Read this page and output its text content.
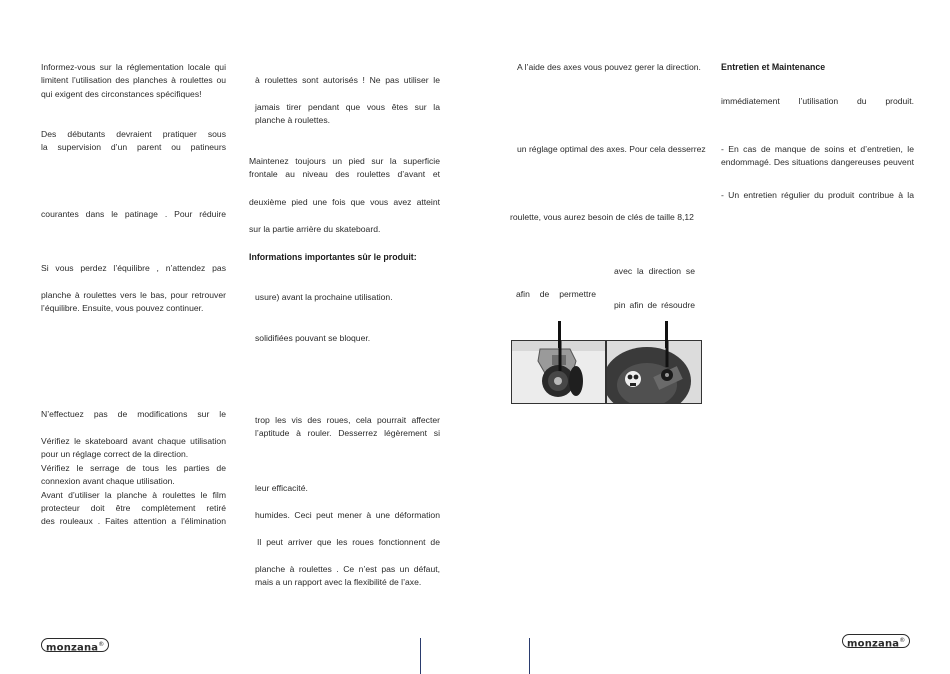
Informez-vous sur la réglementation locale qui
limitent l’utilisation des planches à roulettes ou
qui exigent des circonstances spécifiques!
Des débutants devraient pratiquer sous
la supervision d’un parent ou patineurs
courantes dans le patinage . Pour réduire
Si vous perdez l’équilibre , n’attendez pas
planche à roulettes vers le bas, pour retrouver
l’équilibre. Ensuite, vous pouvez continuer.
N’effectuez pas de modifications sur le
Vérifiez le skateboard avant chaque utilisation
pour un réglage correct de la direction.
Vérifiez le serrage de tous les parties de
connexion avant chaque utilisation.
Avant d’utiliser la planche à roulettes le film
protecteur doit être complètement retiré
des rouleaux . Faites attention a l’élimination
à roulettes sont autorisés ! Ne pas utiliser le
jamais tirer pendant que vous êtes sur la
planche à roulettes.
Maintenez toujours un pied sur la superficie
frontale au niveau des roulettes d’avant et
deuxième pied une fois que vous avez atteint
sur la partie arrière du skateboard.
Informations importantes sûr le produit:
usure) avant la prochaine utilisation.
solidifiées pouvant se bloquer.
trop les vis des roues, cela pourrait affecter
l’aptitude à rouler. Desserrez légèrement si
leur efficacité.
humides. Ceci peut mener à une déformation
Il peut arriver que les roues fonctionnent de
planche à roulettes . Ce n’est pas un défaut,
mais a un rapport avec la flexibilité de l’axe.
A l’aide des axes vous pouvez gerer la direction.
un réglage optimal des axes. Pour cela desserrez
roulette, vous aurez besoin de clés de taille 8,12
avec la direction se
afin de permettre
pin afin de résoudre
Entretien et Maintenance
immédiatement l’utilisation du produit.
- En cas de manque de soins et d’entretien, le
endommagé. Des situations dangereuses peuvent
- Un entretien régulier du produit contribue à la
monzana®	monzana®
